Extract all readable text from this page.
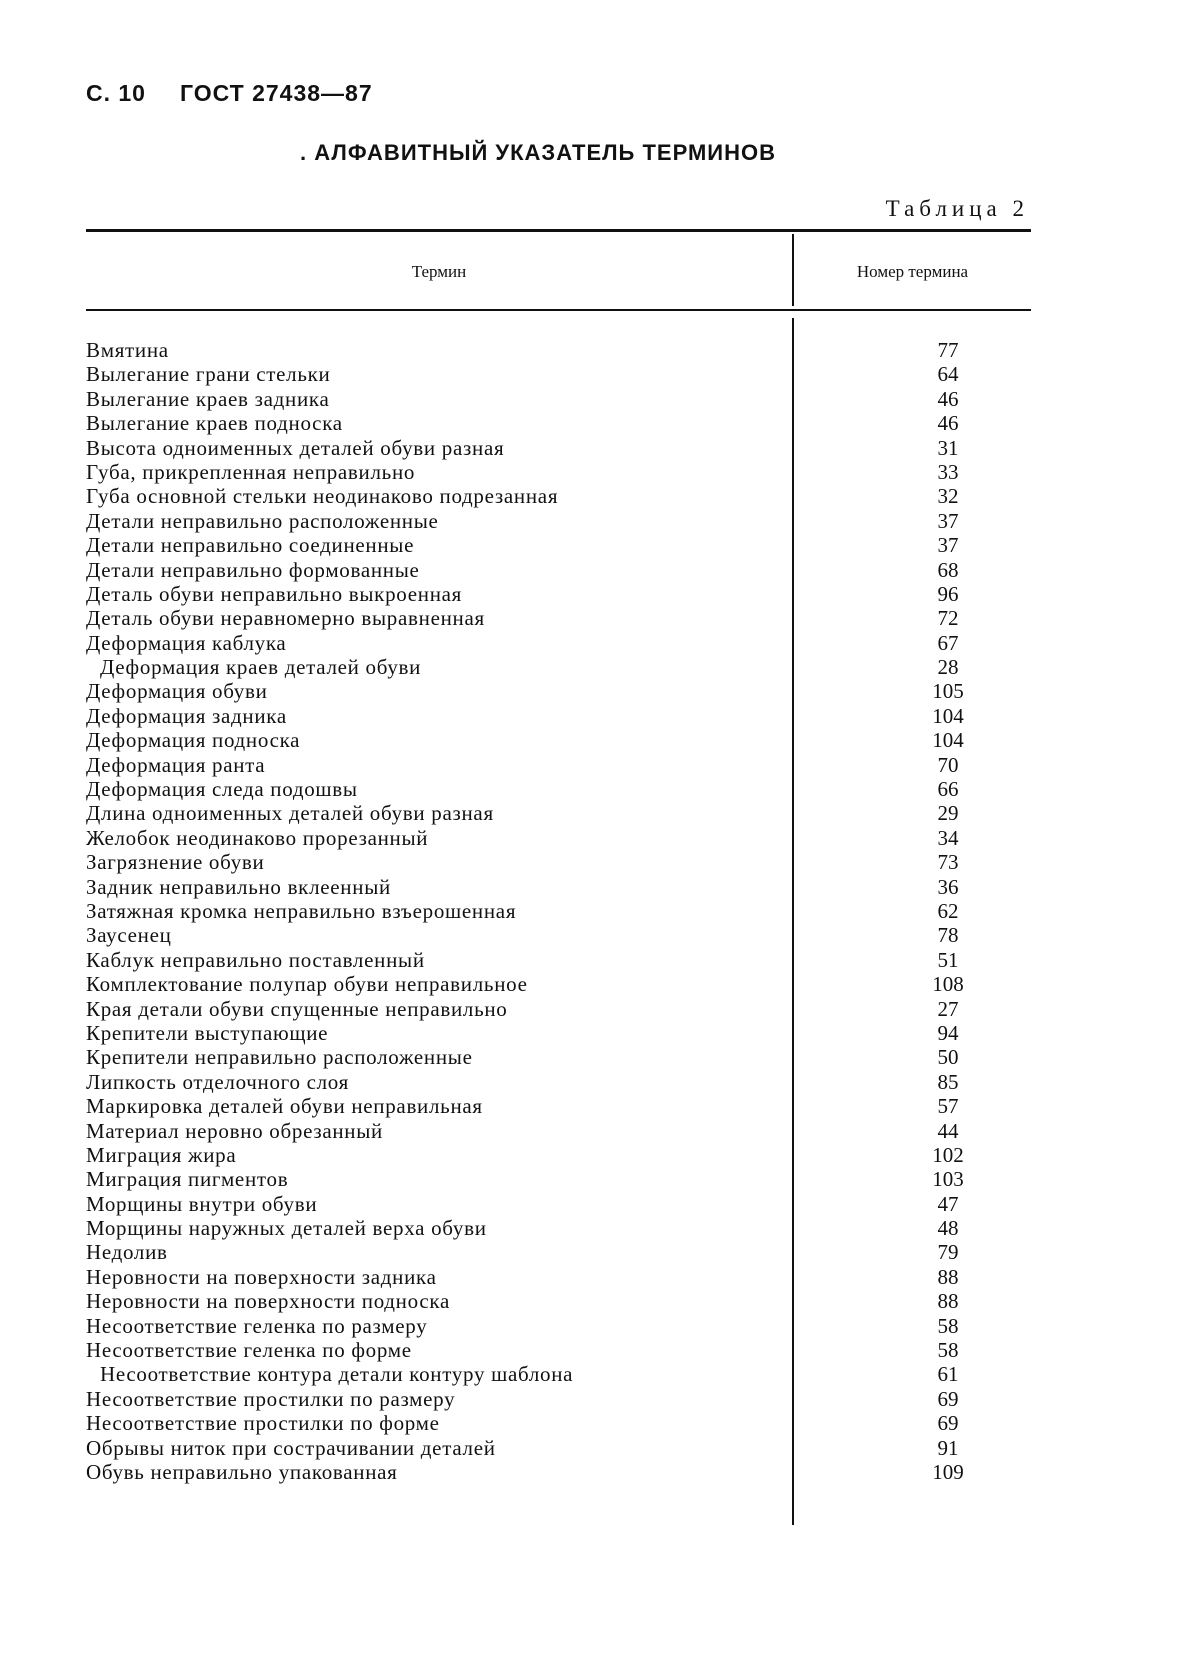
С. 10 ГОСТ 27438—87
. АЛФАВИТНЫЙ УКАЗАТЕЛЬ ТЕРМИНОВ
Таблица 2
Термин	Номер термина
Вмятина	77
Вылегание грани стельки	64
Вылегание краев задника	46
Вылегание краев подноска	46
Высота одноименных деталей обуви разная	31
Губа, прикрепленная неправильно	33
Губа основной стельки неодинаково подрезанная	32
Детали неправильно расположенные	37
Детали неправильно соединенные	37
Детали неправильно формованные	68
Деталь обуви неправильно выкроенная	96
Деталь обуви неравномерно выравненная	72
Деформация каблука	67
Деформация краев деталей обуви	28
Деформация обуви	105
Деформация задника	104
Деформация подноска	104
Деформация ранта	70
Деформация следа подошвы	66
Длина одноименных деталей обуви разная	29
Желобок неодинаково прорезанный	34
Загрязнение обуви	73
Задник неправильно вклеенный	36
Затяжная кромка неправильно взъерошенная	62
Заусенец	78
Каблук неправильно поставленный	51
Комплектование полупар обуви неправильное	108
Края детали обуви спущенные неправильно	27
Крепители выступающие	94
Крепители неправильно расположенные	50
Липкость отделочного слоя	85
Маркировка деталей обуви неправильная	57
Материал неровно обрезанный	44
Миграция жира	102
Миграция пигментов	103
Морщины внутри обуви	47
Морщины наружных деталей верха обуви	48
Недолив	79
Неровности на поверхности задника	88
Неровности на поверхности подноска	88
Несоответствие геленка по размеру	58
Несоответствие геленка по форме	58
Несоответствие контура детали контуру шаблона	61
Несоответствие простилки по размеру	69
Несоответствие простилки по форме	69
Обрывы ниток при сострачивании деталей	91
Обувь неправильно упакованная	109
